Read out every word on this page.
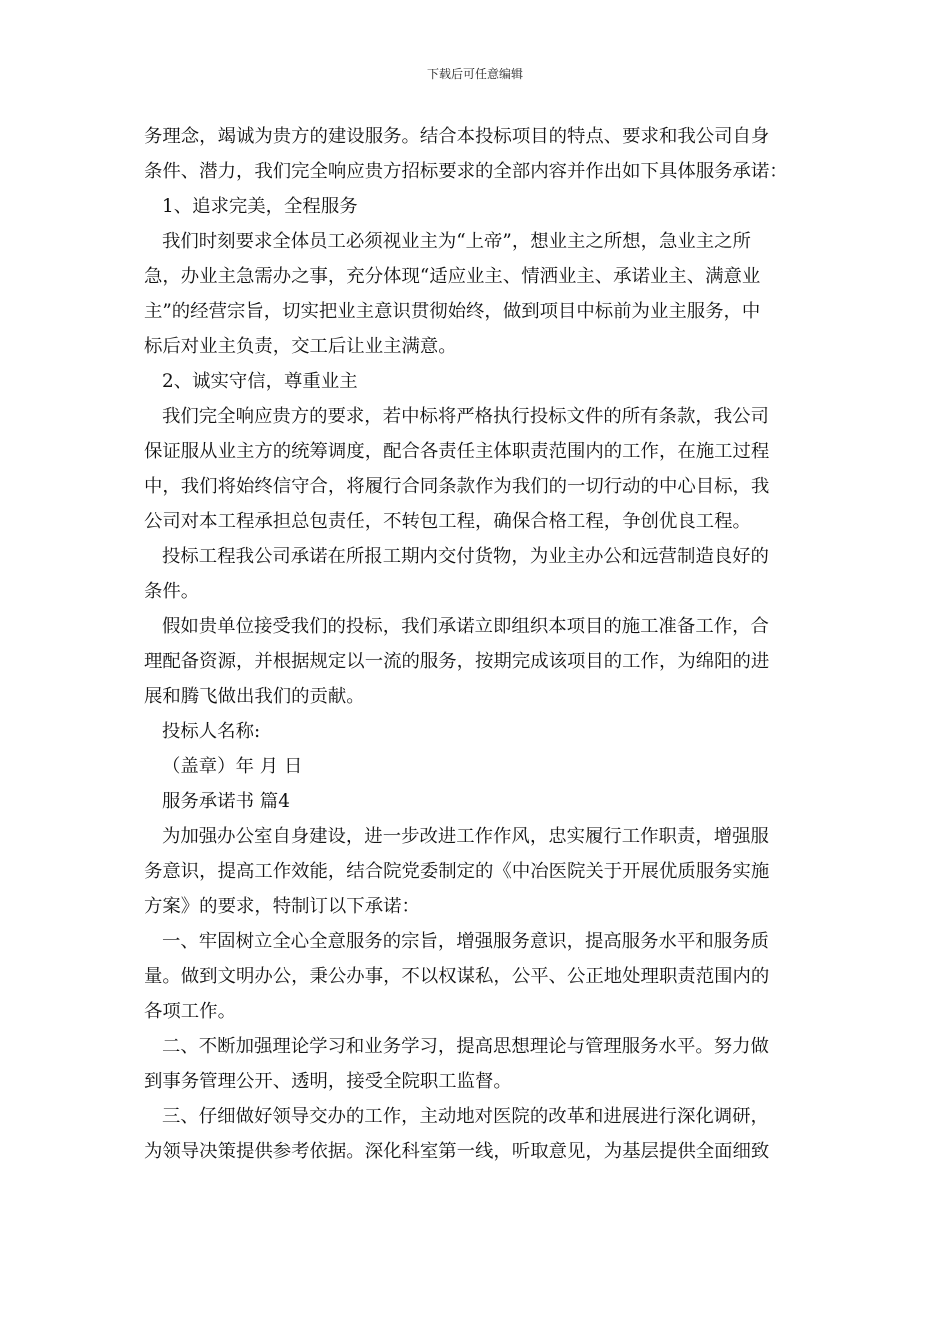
下载后可任意编辑
务理念，竭诚为贵方的建设服务。结合本投标项目的特点、要求和我公司自身
条件、潜力，我们完全响应贵方招标要求的全部内容并作出如下具体服务承诺：
1、追求完美，全程服务
我们时刻要求全体员工必须视业主为“上帝”，想业主之所想，急业主之所
急，办业主急需办之事，充分体现“适应业主、情洒业主、承诺业主、满意业
主”的经营宗旨，切实把业主意识贯彻始终，做到项目中标前为业主服务，中
标后对业主负责，交工后让业主满意。
2、诚实守信，尊重业主
我们完全响应贵方的要求，若中标将严格执行投标文件的所有条款，我公司
保证服从业主方的统筹调度，配合各责任主体职责范围内的工作，在施工过程
中，我们将始终信守合，将履行合同条款作为我们的一切行动的中心目标，我
公司对本工程承担总包责任，不转包工程，确保合格工程，争创优良工程。
投标工程我公司承诺在所报工期内交付货物，为业主办公和远营制造良好的
条件。
假如贵单位接受我们的投标，我们承诺立即组织本项目的施工准备工作，合
理配备资源，并根据规定以一流的服务，按期完成该项目的工作，为绵阳的进
展和腾飞做出我们的贡献。
投标人名称:
（盖章）年 月 日
服务承诺书 篇4
为加强办公室自身建设，进一步改进工作作风，忠实履行工作职责，增强服
务意识，提高工作效能，结合院党委制定的《中冶医院关于开展优质服务实施
方案》的要求，特制订以下承诺：
一、牢固树立全心全意服务的宗旨，增强服务意识，提高服务水平和服务质
量。做到文明办公，秉公办事，不以权谋私，公平、公正地处理职责范围内的
各项工作。
二、不断加强理论学习和业务学习，提高思想理论与管理服务水平。努力做
到事务管理公开、透明，接受全院职工监督。
三、仔细做好领导交办的工作，主动地对医院的改革和进展进行深化调研，
为领导决策提供参考依据。深化科室第一线，听取意见，为基层提供全面细致
